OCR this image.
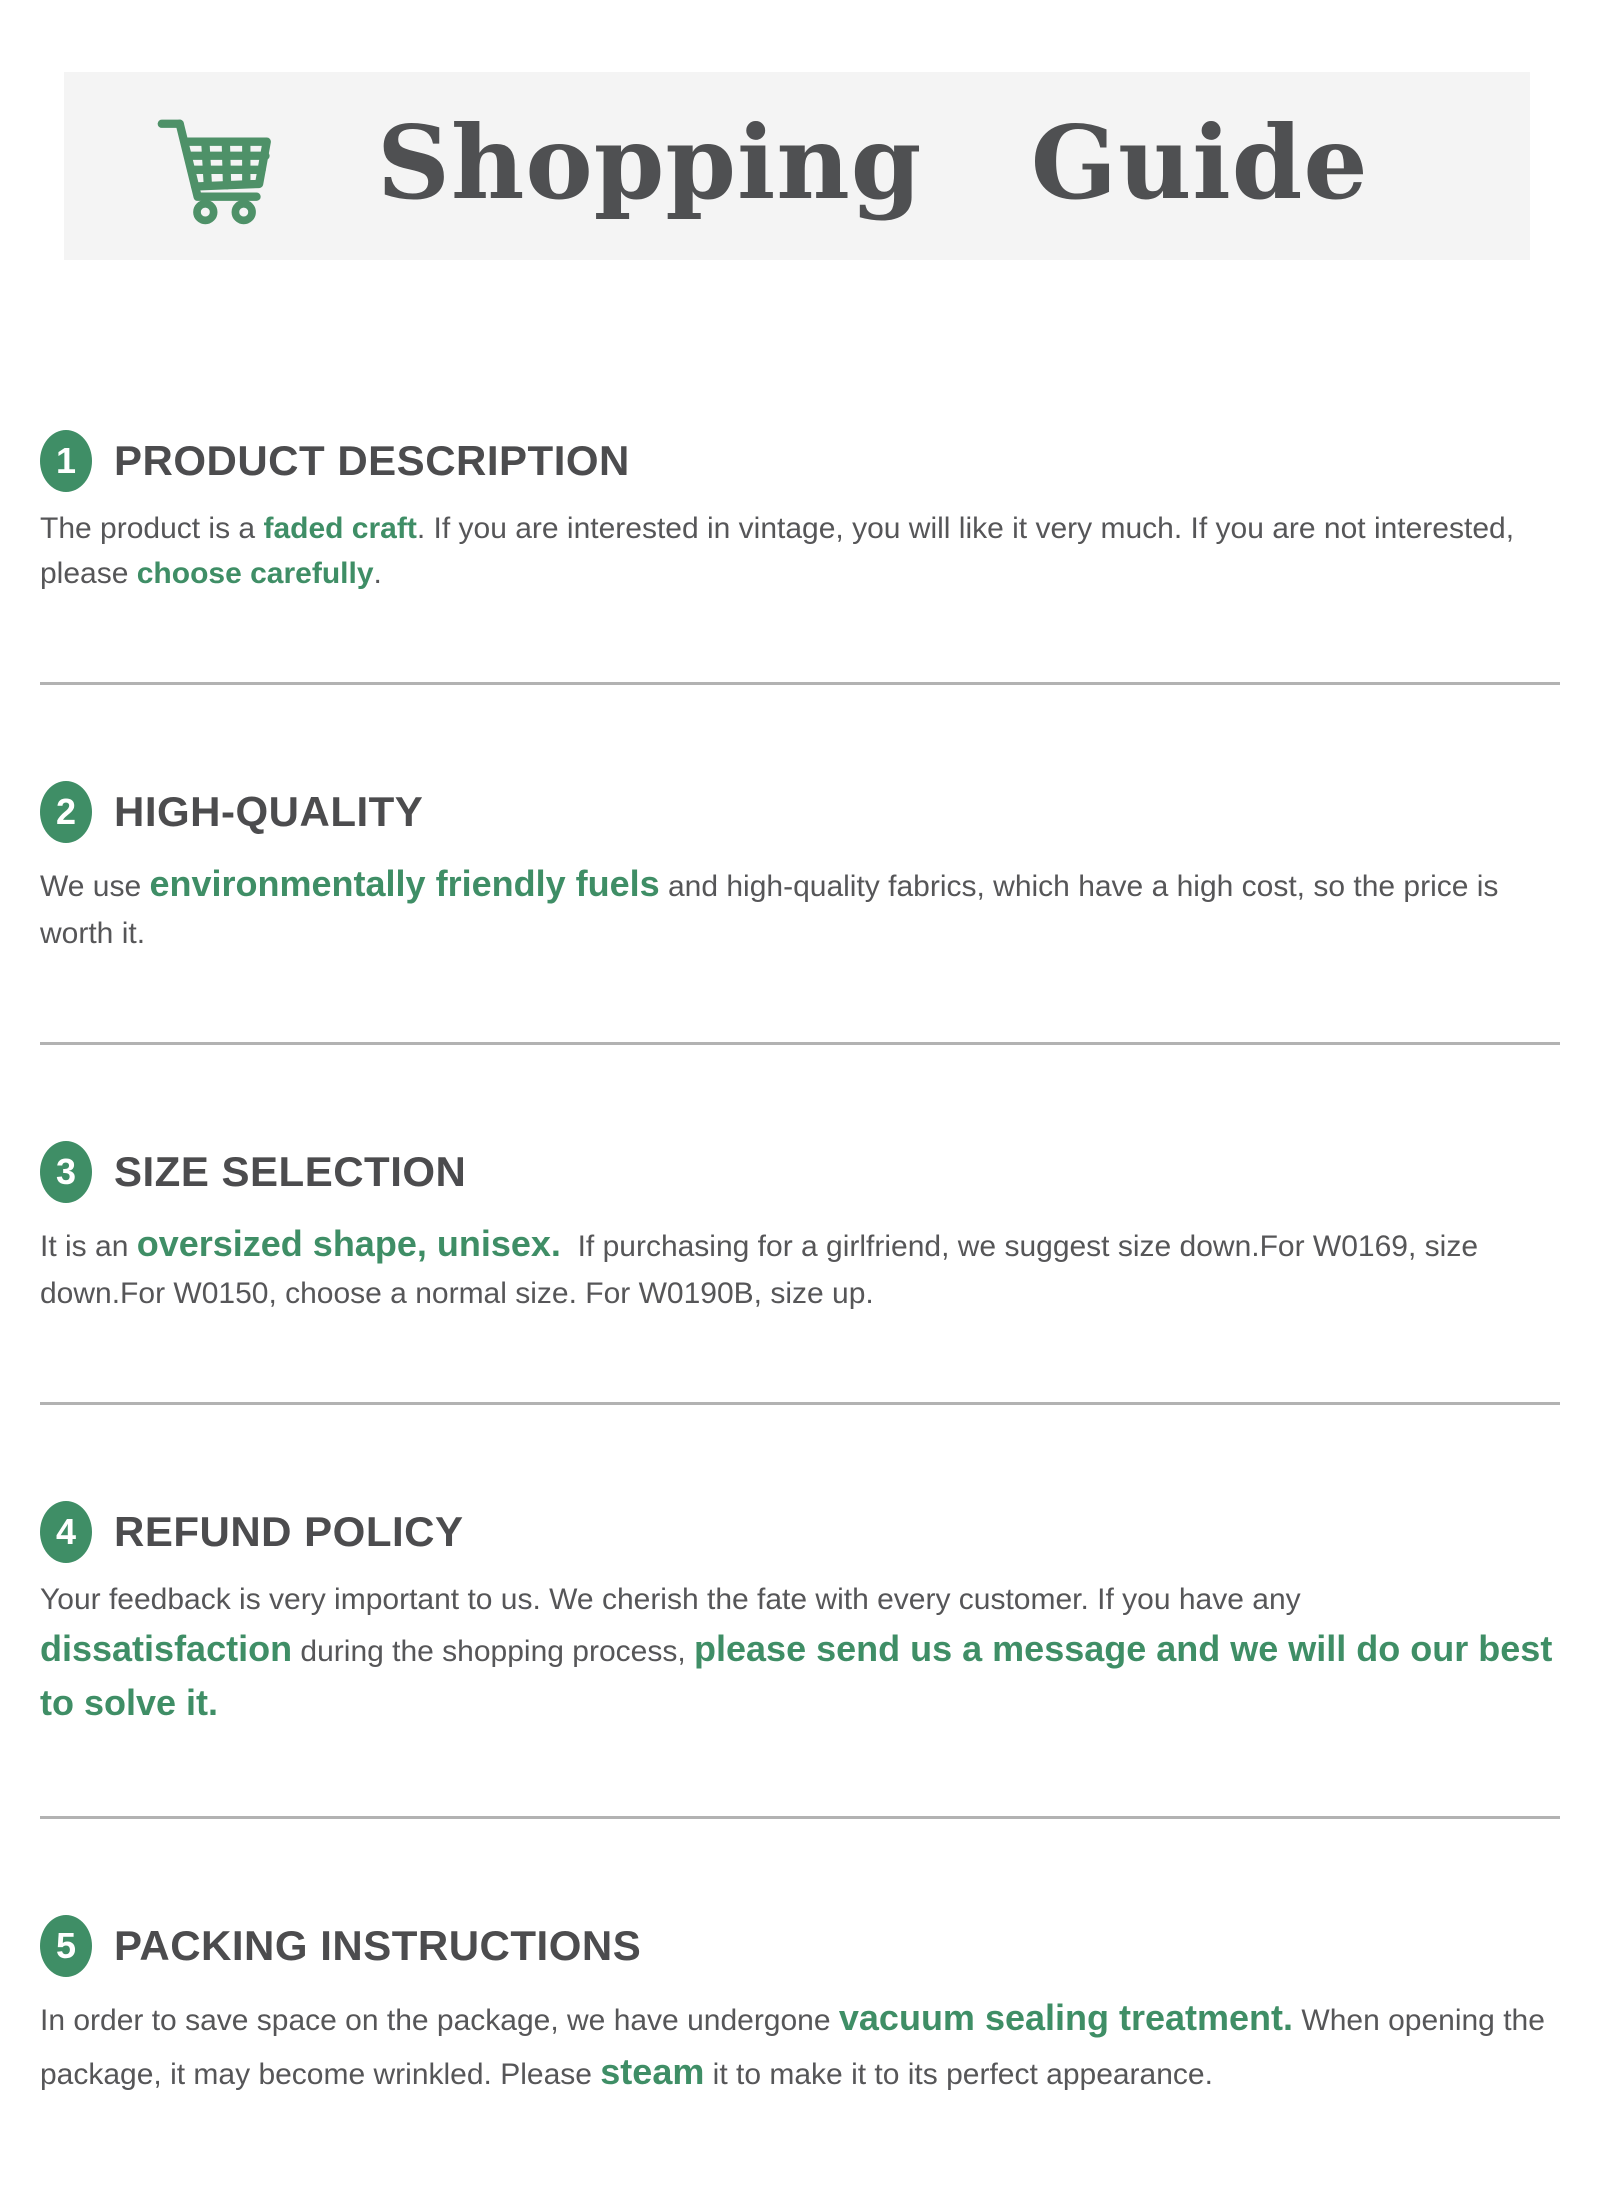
Shopping  Guide
1 PRODUCT DESCRIPTION

The product is a faded craft. If you are interested in vintage, you will like it very much. If you are not interested, please choose carefully.

2 HIGH-QUALITY

We use environmentally friendly fuels and high-quality fabrics, which have a high cost, so the price is worth it.

3 SIZE SELECTION

It is an oversized shape, unisex.  If purchasing for a girlfriend, we suggest size down.For W0169, size down.For W0150, choose a normal size. For W0190B, size up.

4 REFUND POLICY

Your feedback is very important to us. We cherish the fate with every customer. If you have any dissatisfaction during the shopping process, please send us a message and we will do our best to solve it.

5 PACKING INSTRUCTIONS

In order to save space on the package, we have undergone vacuum sealing treatment. When opening the package, it may become wrinkled. Please steam it to make it to its perfect appearance.
